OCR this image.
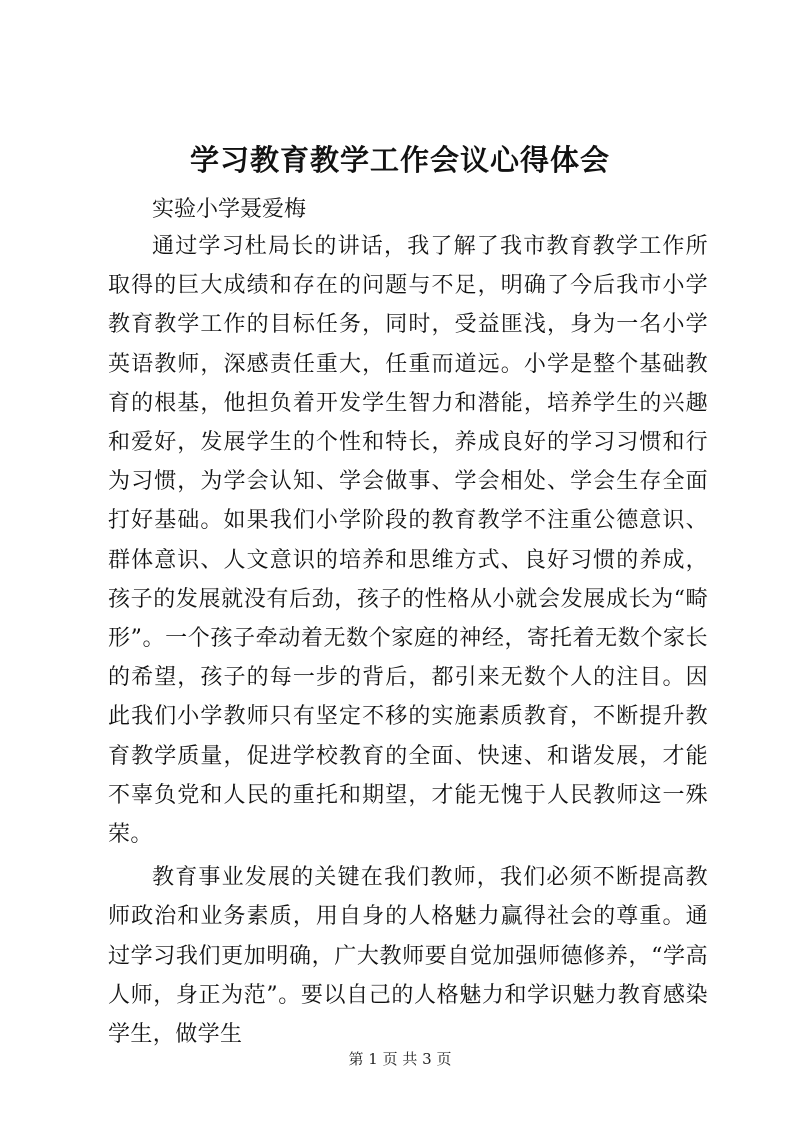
学习教育教学工作会议心得体会
实验小学聂爱梅

通过学习杜局长的讲话，我了解了我市教育教学工作所取得的巨大成绩和存在的问题与不足，明确了今后我市小学教育教学工作的目标任务，同时，受益匪浅，身为一名小学英语教师，深感责任重大，任重而道远。小学是整个基础教育的根基，他担负着开发学生智力和潜能，培养学生的兴趣和爱好，发展学生的个性和特长，养成良好的学习习惯和行为习惯，为学会认知、学会做事、学会相处、学会生存全面打好基础。如果我们小学阶段的教育教学不注重公德意识、群体意识、人文意识的培养和思维方式、良好习惯的养成，孩子的发展就没有后劲，孩子的性格从小就会发展成长为“畸形”。一个孩子牵动着无数个家庭的神经，寄托着无数个家长的希望，孩子的每一步的背后，都引来无数个人的注目。因此我们小学教师只有坚定不移的实施素质教育，不断提升教育教学质量，促进学校教育的全面、快速、和谐发展，才能不辜负党和人民的重托和期望，才能无愧于人民教师这一殊荣。

教育事业发展的关键在我们教师，我们必须不断提高教师政治和业务素质，用自身的人格魅力赢得社会的尊重。通过学习我们更加明确，广大教师要自觉加强师德修养，“学高人师，身正为范”。要以自己的人格魅力和学识魅力教育感染学生，做学生

第 1 页 共 3 页
